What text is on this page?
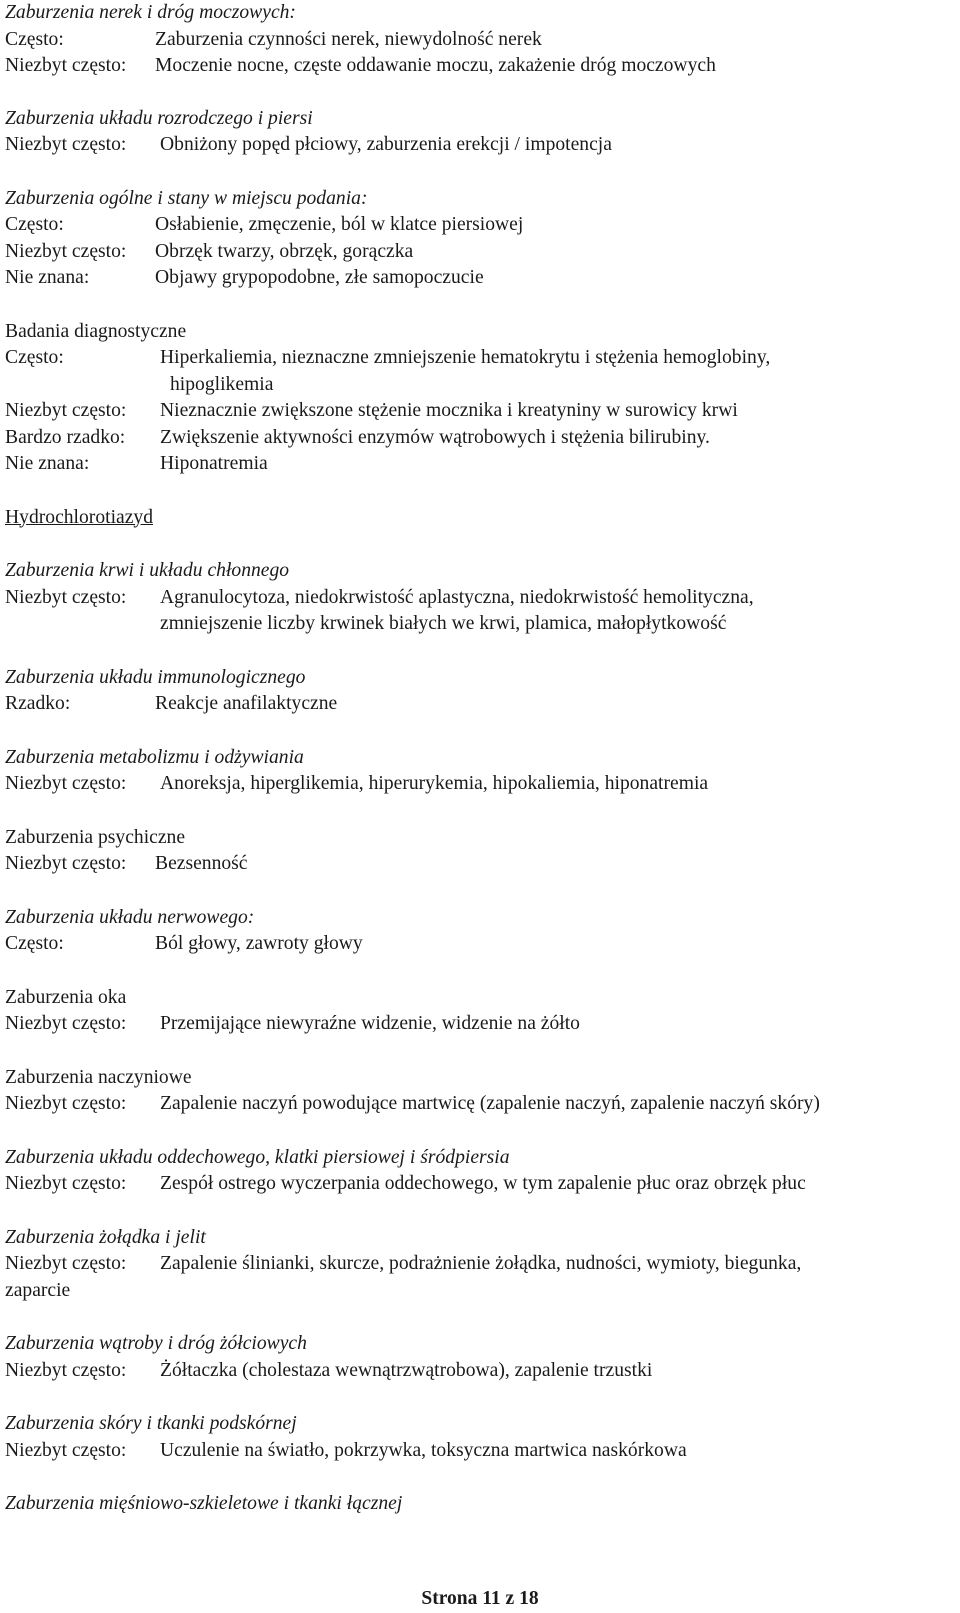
Zaburzenia nerek i dróg moczowych:
Często:	Zaburzenia czynności nerek, niewydolność nerek
Niezbyt często:	Moczenie nocne, częste oddawanie moczu, zakażenie dróg moczowych
Zaburzenia układu rozrodczego i piersi
Niezbyt często:	Obniżony popęd płciowy, zaburzenia erekcji / impotencja
Zaburzenia ogólne i stany w miejscu podania:
Często:	Osłabienie, zmęczenie, ból w klatce piersiowej
Niezbyt często:	Obrzęk twarzy, obrzęk, gorączka
Nie znana:	Objawy grypopodobne, złe samopoczucie
Badania diagnostyczne
Często:	Hiperkaliemia, nieznaczne zmniejszenie hematokrytu i stężenia hemoglobiny,
hipoglikemia
Niezbyt często:	Nieznacznie zwiększone stężenie mocznika i kreatyniny w surowicy krwi
Bardzo rzadko:	Zwiększenie aktywności enzymów wątrobowych i stężenia bilirubiny.
Nie znana:	Hiponatremia
Hydrochlorotiazyd
Zaburzenia krwi i układu chłonnego
Niezbyt często:	Agranulocytoza, niedokrwistość aplastyczna, niedokrwistość hemolityczna,
zmniejszenie liczby krwinek białych we krwi, plamica, małopłytkowość
Zaburzenia układu immunologicznego
Rzadko:	Reakcje anafilaktyczne
Zaburzenia metabolizmu i odżywiania
Niezbyt często:	Anoreksja, hiperglikemia, hiperurykemia, hipokaliemia, hiponatremia
Zaburzenia psychiczne
Niezbyt często:	Bezsenność
Zaburzenia układu nerwowego:
Często:	Ból głowy, zawroty głowy
Zaburzenia oka
Niezbyt często:	Przemijające niewyraźne widzenie, widzenie na żółto
Zaburzenia naczyniowe
Niezbyt często:	Zapalenie naczyń powodujące martwicę (zapalenie naczyń, zapalenie naczyń skóry)
Zaburzenia układu oddechowego, klatki piersiowej i śródpiersia
Niezbyt często:	Zespół ostrego wyczerpania oddechowego, w tym zapalenie płuc oraz obrzęk płuc
Zaburzenia żołądka i jelit
Niezbyt często:	Zapalenie ślinianki, skurcze, podrażnienie żołądka, nudności, wymioty, biegunka,
zaparcie
Zaburzenia wątroby i dróg żółciowych
Niezbyt często:	Żółtaczka (cholestaza wewnątrzwątrobowa), zapalenie trzustki
Zaburzenia skóry i tkanki podskórnej
Niezbyt często:	Uczulenie na światło, pokrzywka, toksyczna martwica naskórkowa
Zaburzenia mięśniowo-szkieletowe i tkanki łącznej
Strona 11 z 18
